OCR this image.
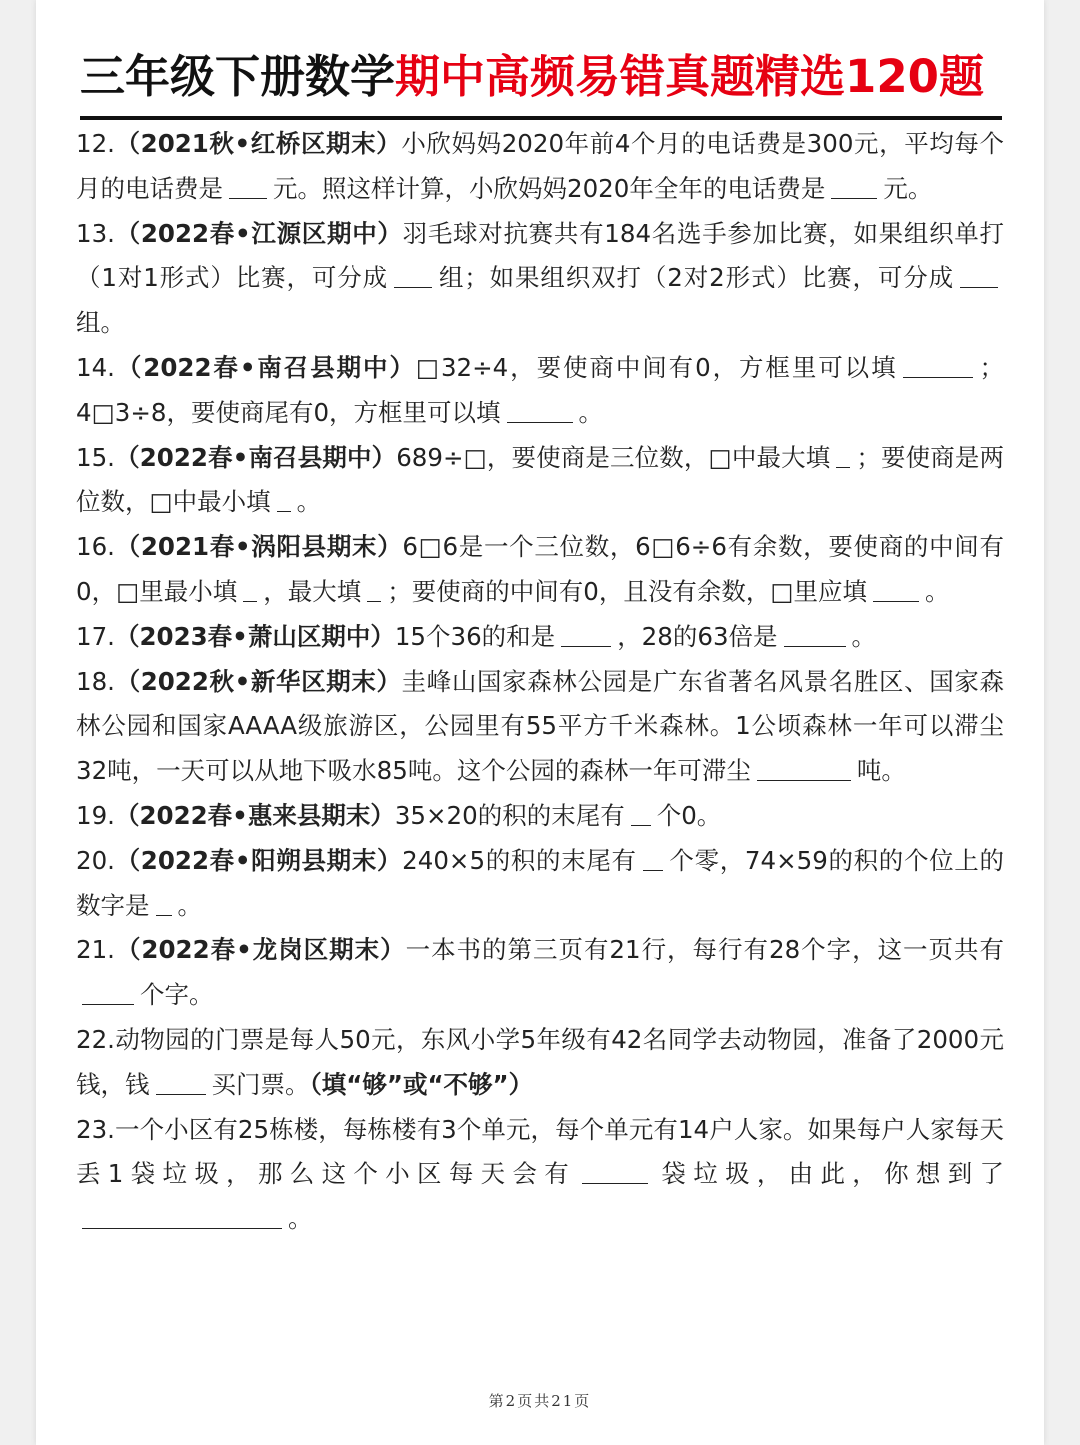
三年级下册数学期中高频易错真题精选120题

12.（2021秋•红桥区期末）小欣妈妈2020年前4个月的电话费是300元，平均每个月的电话费是 元。照这样计算，小欣妈妈2020年全年的电话费是 元。

13.（2022春•江源区期中）羽毛球对抗赛共有184名选手参加比赛，如果组织单打（1对1形式）比赛，可分成 组；如果组织双打（2对2形式）比赛，可分成组。

14.（2022春•南召县期中）□32÷4，要使商中间有0，方框里可以填	；4□3÷8，要使商尾有0，方框里可以填	。

15.（2022春•南召县期中）689÷□，要使商是三位数，□中最大填 ；要使商是两位数，□中最小填 。

16.（2021春•涡阳县期末）6□6是一个三位数，6□6÷6有余数，要使商的中间有0，□里最小填 ，最大填 ；要使商的中间有0，且没有余数，□里应填 。

17.（2023春•萧山区期中）15个36的和是	，28的63倍是	。

18.（2022秋•新华区期末）圭峰山国家森林公园是广东省著名风景名胜区、国家森林公园和国家AAAA级旅游区，公园里有55平方千米森林。1公顷森林一年可以滞尘32吨，一天可以从地下吸水85吨。这个公园的森林一年可滞尘	吨。

19.（2022春•惠来县期末）35×20的积的末尾有 个0。

20.（2022春•阳朔县期末）240×5的积的末尾有 个零，74×59的积的个位上的数字是 。

21.（2022春•龙岗区期末）一本书的第三页有21行，每行有28个字，这一页共有个字。

22.动物园的门票是每人50元，东风小学5年级有42名同学去动物园，准备了2000元钱，钱	买门票。（填“够”或“不够”）

23.一个小区有25栋楼，每栋楼有3个单元，每个单元有14户人家。如果每户人家每天丢1袋垃圾，那么这个小区每天会有	袋垃圾，由此，你想到了。

第2页共21页
